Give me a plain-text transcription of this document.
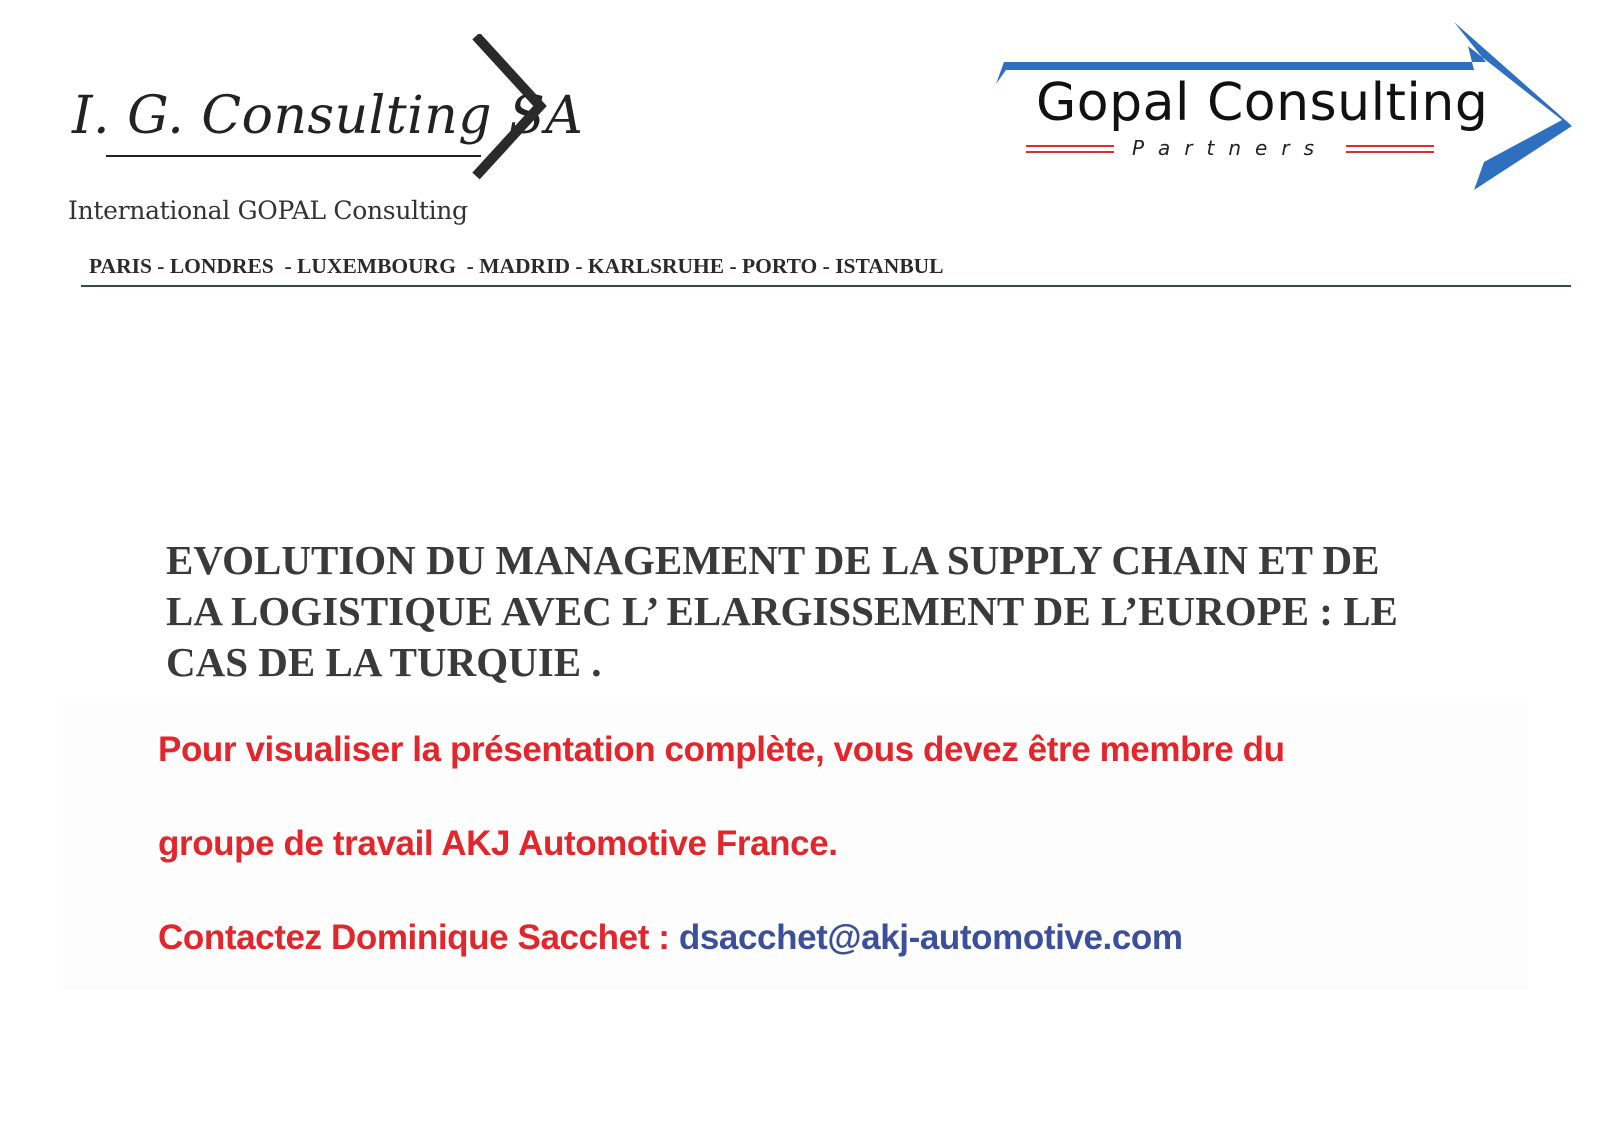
I. G. Consulting SA
International GOPAL Consulting
Gopal Consulting
Partners
PARIS - LONDRES  - LUXEMBOURG  - MADRID - KARLSRUHE - PORTO - ISTANBUL
EVOLUTION DU MANAGEMENT DE LA SUPPLY CHAIN ET DE
LA LOGISTIQUE AVEC L’ ELARGISSEMENT DE L’EUROPE : LE
CAS DE LA TURQUIE .
Pour visualiser la présentation complète, vous devez être membre du
groupe de travail AKJ Automotive France.
Contactez Dominique Sacchet : dsacchet@akj-automotive.com
